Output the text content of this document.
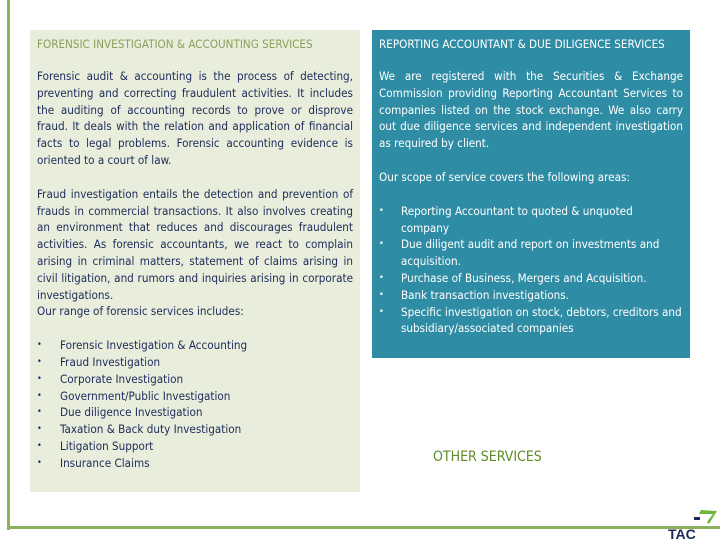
FORENSIC INVESTIGATION & ACCOUNTING SERVICES

Forensic audit & accounting is the process of detecting, preventing and correcting fraudulent activities. It includes the auditing of accounting records to prove or disprove fraud. It deals with the relation and application of financial facts to legal problems. Forensic accounting evidence is oriented to a court of law.

Fraud investigation entails the detection and prevention of frauds in commercial transactions. It also involves creating an environment that reduces and discourages fraudulent activities. As forensic accountants, we react to complain arising in criminal matters, statement of claims arising in civil litigation, and rumors and inquiries arising in corporate investigations.

Our range of forensic services includes:
• Forensic Investigation & Accounting
• Fraud Investigation
• Corporate Investigation
• Government/Public Investigation
• Due diligence Investigation
• Taxation & Back duty Investigation
• Litigation Support
• Insurance Claims
REPORTING ACCOUNTANT & DUE DILIGENCE SERVICES

We are registered with the Securities & Exchange Commission providing Reporting Accountant Services to companies listed on the stock exchange. We also carry out due diligence services and independent investigation as required by client.

Our scope of service covers the following areas:
• Reporting Accountant to quoted & unquoted company
• Due diligent audit and report on investments and acquisition.
• Purchase of Business, Mergers and Acquisition.
• Bank transaction investigations.
• Specific investigation on stock, debtors, creditors and subsidiary/associated companies
OTHER SERVICES
TAC
